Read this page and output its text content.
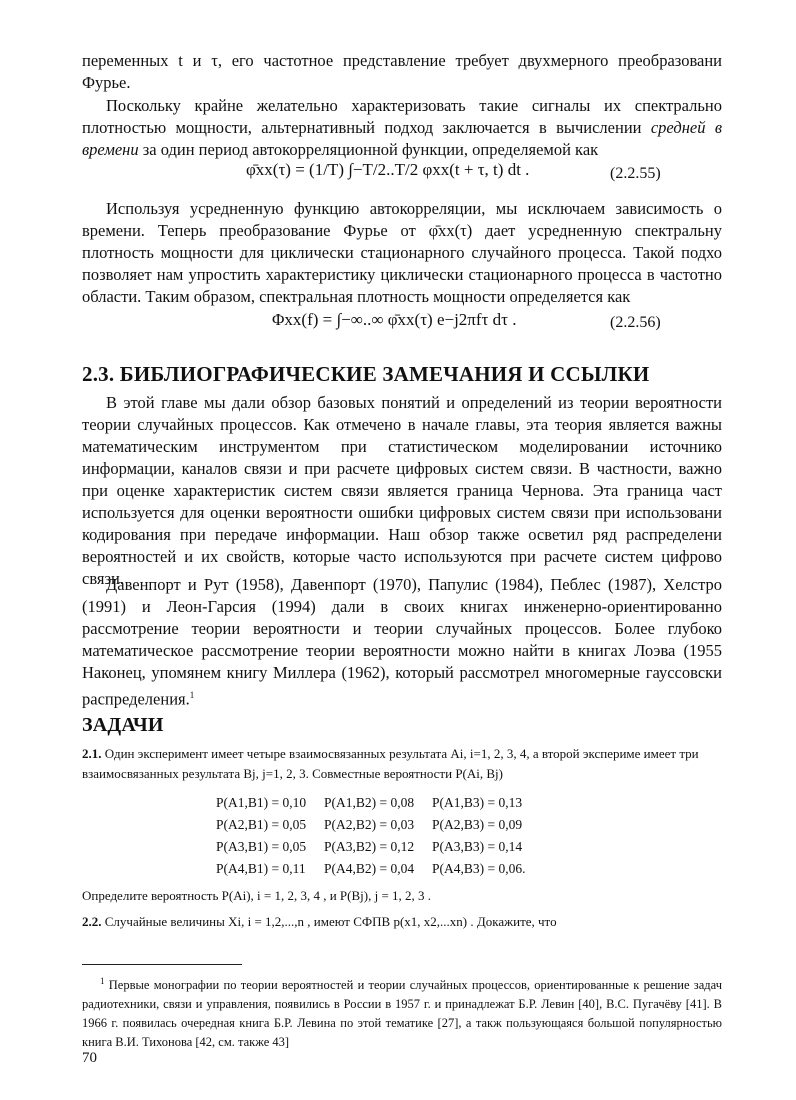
переменных t и τ, его частотное представление требует двухмерного преобразовани Фурье.

Поскольку крайне желательно характеризовать такие сигналы их спектрально плотностью мощности, альтернативный подход заключается в вычислении средней в времени за один период автокорреляционной функции, определяемой как

φ̄xx(τ) = (1/T) ∫−T/2..T/2 φxx(t + τ, t) dt .	(2.2.55)

Используя усредненную функцию автокорреляции, мы исключаем зависимость о времени. Теперь преобразование Фурье от φ̄xx(τ) дает усредненную спектральну плотность мощности для циклически стационарного случайного процесса. Такой подхо позволяет нам упростить характеристику циклически стационарного процесса в частотно области. Таким образом, спектральная плотность мощности определяется как

Φxx(f) = ∫−∞..∞ φ̄xx(τ) e−j2πfτ dτ .	(2.2.56)
2.3. БИБЛИОГРАФИЧЕСКИЕ ЗАМЕЧАНИЯ И ССЫЛКИ

В этой главе мы дали обзор базовых понятий и определений из теории вероятности теории случайных процессов. Как отмечено в начале главы, эта теория является важны математическим инструментом при статистическом моделировании источнико информации, каналов связи и при расчете цифровых систем связи. В частности, важно при оценке характеристик систем связи является граница Чернова. Эта граница част используется для оценки вероятности ошибки цифровых систем связи при использовани кодирования при передаче информации. Наш обзор также осветил ряд распределени вероятностей и их свойств, которые часто используются при расчете систем цифрово связи.

Давенпорт и Рут (1958), Давенпорт (1970), Папулис (1984), Пеблес (1987), Хелстро (1991) и Леон-Гарсия (1994) дали в своих книгах инженерно-ориентированно рассмотрение теории вероятности и теории случайных процессов. Более глубоко математическое рассмотрение теории вероятности можно найти в книгах Лоэва (1955 Наконец, упомянем книгу Миллера (1962), который рассмотрел многомерные гауссовски распределения.$^1$

ЗАДАЧИ

2.1. Один эксперимент имеет четыре взаимосвязанных результата Ai, i=1, 2, 3, 4, а второй экспериме имеет три взаимосвязанных результата Bj, j=1, 2, 3. Совместные вероятности P(Ai, Bj)

P(A1,B1) = 0,10 P(A1,B2) = 0,08 P(A1,B3) = 0,13
P(A2,B1) = 0,05 P(A2,B2) = 0,03 P(A2,B3) = 0,09
P(A3,B1) = 0,05 P(A3,B2) = 0,12 P(A3,B3) = 0,14
P(A4,B1) = 0,11 P(A4,B2) = 0,04 P(A4,B3) = 0,06.

Определите вероятность P(Ai), i = 1, 2, 3, 4 , и P(Bj), j = 1, 2, 3 .

2.2. Случайные величины Xi, i = 1,2,...,n , имеют СФПВ p(x1, x2,...xn) . Докажите, что

$^1$ Первые монографии по теории вероятностей и теории случайных процессов, ориентированные к решение задач радиотехники, связи и управления, появились в России в 1957 г. и принадлежат Б.Р. Левин [40], В.С. Пугачёву [41]. В 1966 г. появилась очередная книга Б.Р. Левина по этой тематике [27], а такж пользующаяся большой популярностью книга В.И. Тихонова [42, см. также 43]

70
